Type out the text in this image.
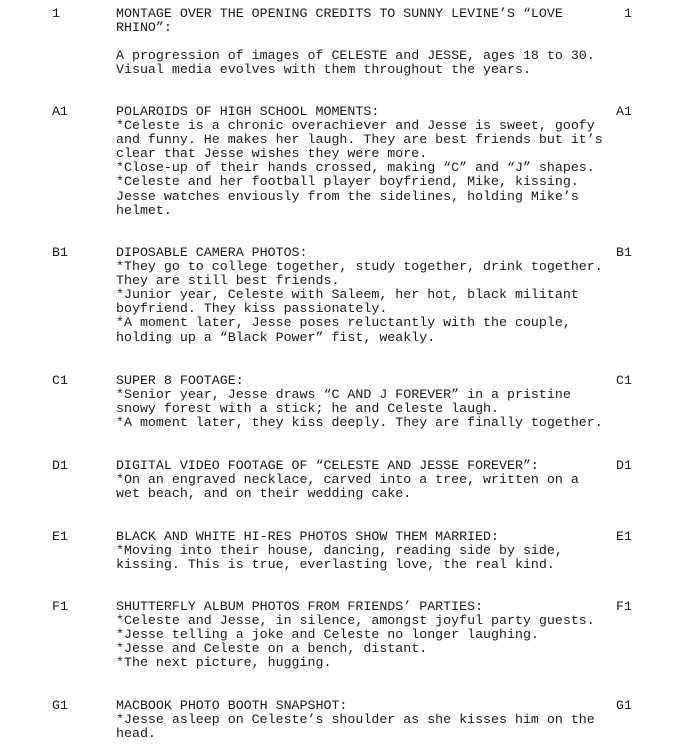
1	1
MONTAGE OVER THE OPENING CREDITS TO SUNNY LEVINE’S “LOVE
RHINO”:
A progression of images of CELESTE and JESSE, ages 18 to 30.
Visual media evolves with them throughout the years.
A1	A1
POLAROIDS OF HIGH SCHOOL MOMENTS:
*Celeste is a chronic overachiever and Jesse is sweet, goofy
and funny. He makes her laugh. They are best friends but it’s
clear that Jesse wishes they were more.
*Close-up of their hands crossed, making “C” and “J” shapes.
*Celeste and her football player boyfriend, Mike, kissing.
Jesse watches enviously from the sidelines, holding Mike’s
helmet.
B1	B1
DIPOSABLE CAMERA PHOTOS:
*They go to college together, study together, drink together.
They are still best friends.
*Junior year, Celeste with Saleem, her hot, black militant
boyfriend. They kiss passionately.
*A moment later, Jesse poses reluctantly with the couple,
holding up a “Black Power” fist, weakly.
C1	C1
SUPER 8 FOOTAGE:
*Senior year, Jesse draws “C AND J FOREVER” in a pristine
snowy forest with a stick; he and Celeste laugh.
*A moment later, they kiss deeply. They are finally together.
D1	D1
DIGITAL VIDEO FOOTAGE OF “CELESTE AND JESSE FOREVER”:
*On an engraved necklace, carved into a tree, written on a
wet beach, and on their wedding cake.
E1	E1
BLACK AND WHITE HI-RES PHOTOS SHOW THEM MARRIED:
*Moving into their house, dancing, reading side by side,
kissing. This is true, everlasting love, the real kind.
F1	F1
SHUTTERFLY ALBUM PHOTOS FROM FRIENDS’ PARTIES:
*Celeste and Jesse, in silence, amongst joyful party guests.
*Jesse telling a joke and Celeste no longer laughing.
*Jesse and Celeste on a bench, distant.
*The next picture, hugging.
G1	G1
MACBOOK PHOTO BOOTH SNAPSHOT:
*Jesse asleep on Celeste’s shoulder as she kisses him on the
head.
